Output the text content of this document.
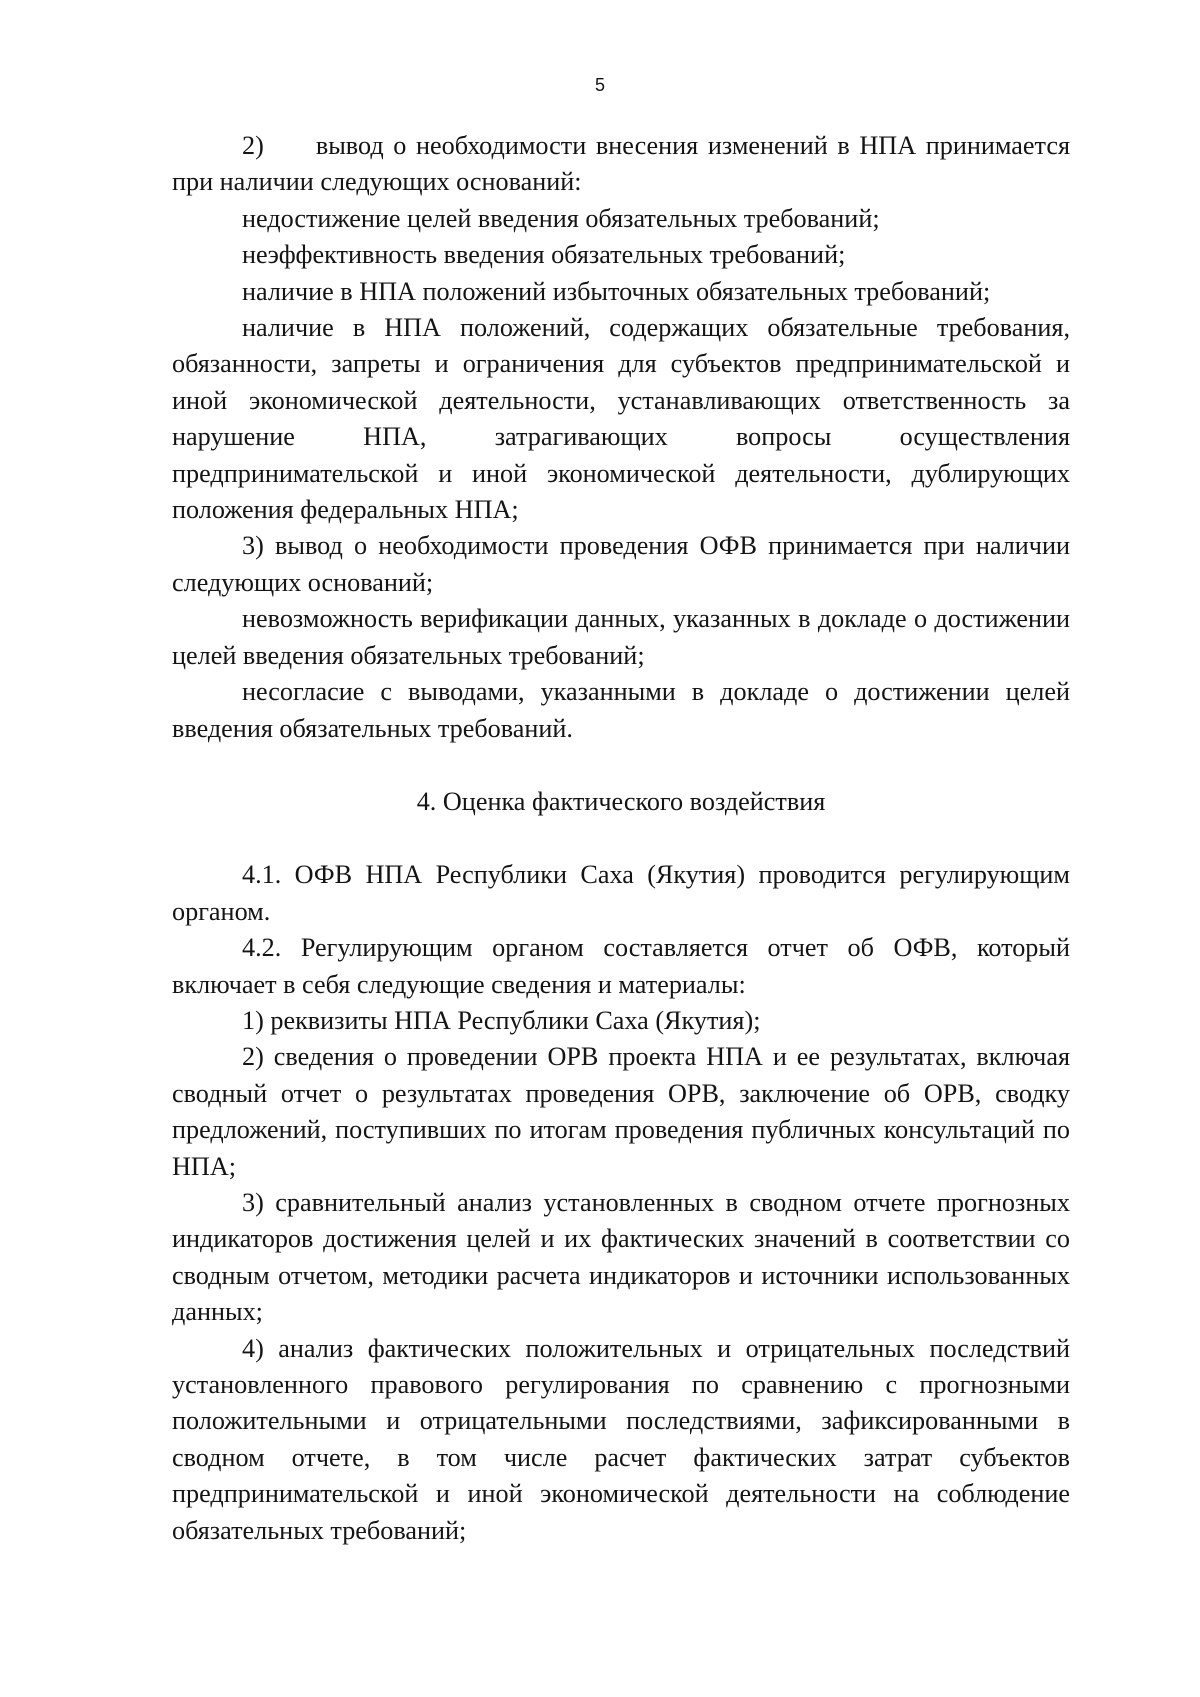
5

2) вывод о необходимости внесения изменений в НПА принимается при наличии следующих оснований:

недостижение целей введения обязательных требований;

неэффективность введения обязательных требований;

наличие в НПА положений избыточных обязательных требований;

наличие в НПА положений, содержащих обязательные требования, обязанности, запреты и ограничения для субъектов предпринимательской и иной экономической деятельности, устанавливающих ответственность за нарушение НПА, затрагивающих вопросы осуществления предпринимательской и иной экономической деятельности, дублирующих положения федеральных НПА;

3) вывод о необходимости проведения ОФВ принимается при наличии следующих оснований;

невозможность верификации данных, указанных в докладе о достижении целей введения обязательных требований;

несогласие с выводами, указанными в докладе о достижении целей введения обязательных требований.

4. Оценка фактического воздействия

4.1. ОФВ НПА Республики Саха (Якутия) проводится регулирующим органом.

4.2. Регулирующим органом составляется отчет об ОФВ, который включает в себя следующие сведения и материалы:

1) реквизиты НПА Республики Саха (Якутия);

2) сведения о проведении ОРВ проекта НПА и ее результатах, включая сводный отчет о результатах проведения ОРВ, заключение об ОРВ, сводку предложений, поступивших по итогам проведения публичных консультаций по НПА;

3) сравнительный анализ установленных в сводном отчете прогнозных индикаторов достижения целей и их фактических значений в соответствии со сводным отчетом, методики расчета индикаторов и источники использованных данных;

4) анализ фактических положительных и отрицательных последствий установленного правового регулирования по сравнению с прогнозными положительными и отрицательными последствиями, зафиксированными в сводном отчете, в том числе расчет фактических затрат субъектов предпринимательской и иной экономической деятельности на соблюдение обязательных требований;
